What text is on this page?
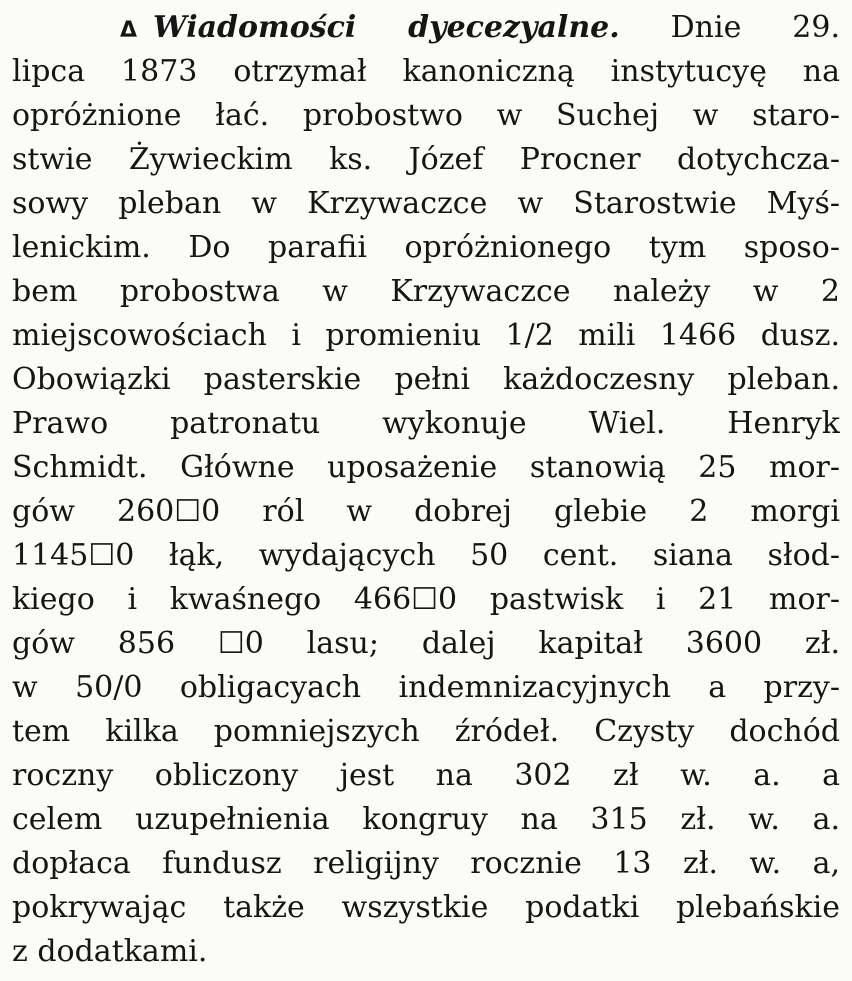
Δ Wiadomości dyecezyalne. Dnie 29.
lipca 1873 otrzymał kanoniczną instytucyę na
opróżnione łać. probostwo w Suchej w staro-
stwie Żywieckim ks. Józef Procner dotychcza-
sowy pleban w Krzywaczce w Starostwie Myś-
lenickim. Do parafii opróżnionego tym sposo-
bem probostwa w Krzywaczce należy w 2
miejscowościach i promieniu 1/2 mili 1466 dusz.
Obowiązki pasterskie pełni każdoczesny pleban.
Prawo patronatu wykonuje Wiel. Henryk
Schmidt. Główne uposażenie stanowią 25 mor-
gów 260☐0 ról w dobrej glebie 2 morgi
1145☐0 łąk, wydających 50 cent. siana słod-
kiego i kwaśnego 466☐0 pastwisk i 21 mor-
gów 856 ☐0 lasu; dalej kapitał 3600 zł.
w 50/0 obligacyach indemnizacyjnych a przy-
tem kilka pomniejszych źródeł. Czysty dochód
roczny obliczony jest na 302 zł w. a. a
celem uzupełnienia kongruy na 315 zł. w. a.
dopłaca fundusz religijny rocznie 13 zł. w. a,
pokrywając także wszystkie podatki plebańskie
z dodatkami.
